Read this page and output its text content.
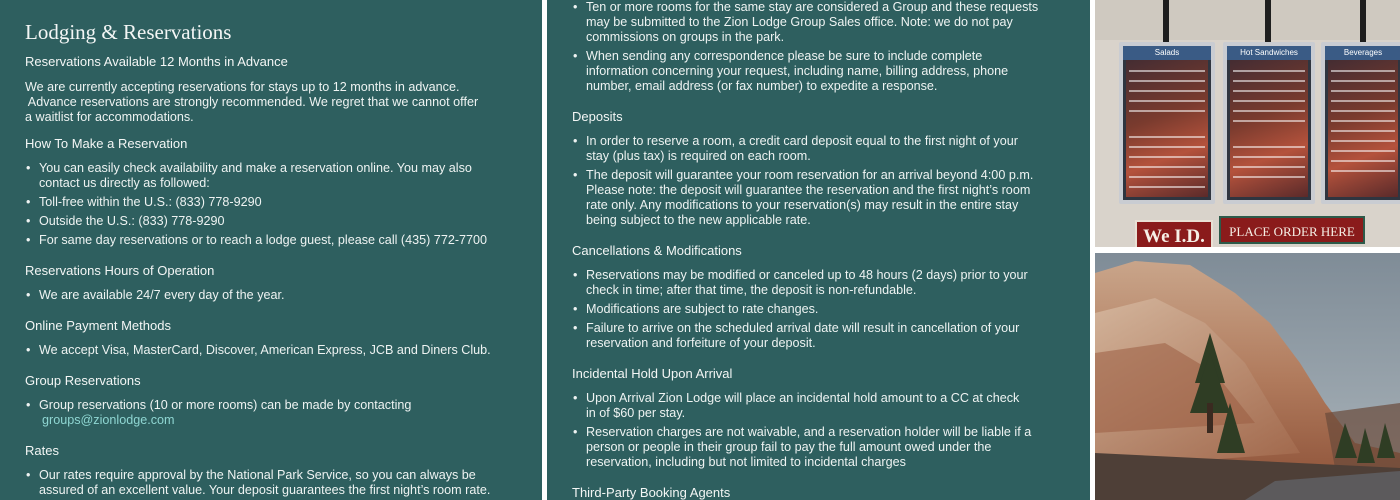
Lodging & Reservations
Reservations Available 12 Months in Advance
We are currently accepting reservations for stays up to 12 months in advance.
Advance reservations are strongly recommended. We regret that we cannot offer
a waitlist for accommodations.
How To Make a Reservation
• You can easily check availability and make a reservation online. You may also
contact us directly as followed:
• Toll-free within the U.S.: (833) 778-9290
• Outside the U.S.: (833) 778-9290
• For same day reservations or to reach a lodge guest, please call (435) 772-7700
Reservations Hours of Operation
• We are available 24/7 every day of the year.
Online Payment Methods
• We accept Visa, MasterCard, Discover, American Express, JCB and Diners Club.
Group Reservations
• Group reservations (10 or more rooms) can be made by contacting
groups@zionlodge.com
Rates
• Our rates require approval by the National Park Service, so you can always be
assured of an excellent value. Your deposit guarantees the first night’s room rate.
• Ten or more rooms for the same stay are considered a Group and these requests
may be submitted to the Zion Lodge Group Sales office. Note: we do not pay
commissions on groups in the park.
• When sending any correspondence please be sure to include complete
information concerning your request, including name, billing address, phone
number, email address (or fax number) to expedite a response.
Deposits
• In order to reserve a room, a credit card deposit equal to the first night of your
stay (plus tax) is required on each room.
• The deposit will guarantee your room reservation for an arrival beyond 4:00 p.m.
Please note: the deposit will guarantee the reservation and the first night’s room
rate only. Any modifications to your reservation(s) may result in the entire stay
being subject to the new applicable rate.
Cancellations & Modifications
• Reservations may be modified or canceled up to 48 hours (2 days) prior to your
check in time; after that time, the deposit is non-refundable.
• Modifications are subject to rate changes.
• Failure to arrive on the scheduled arrival date will result in cancellation of your
reservation and forfeiture of your deposit.
Incidental Hold Upon Arrival
• Upon Arrival Zion Lodge will place an incidental hold amount to a CC at check
in of $60 per stay.
• Reservation charges are not waivable, and a reservation holder will be liable if a
person or people in their group fail to pay the full amount owed under the
reservation, including but not limited to incidental charges
Third-Party Booking Agents
Salads	Hot Sandwiches	Beverages
We I.D.	PLACE ORDER HERE
